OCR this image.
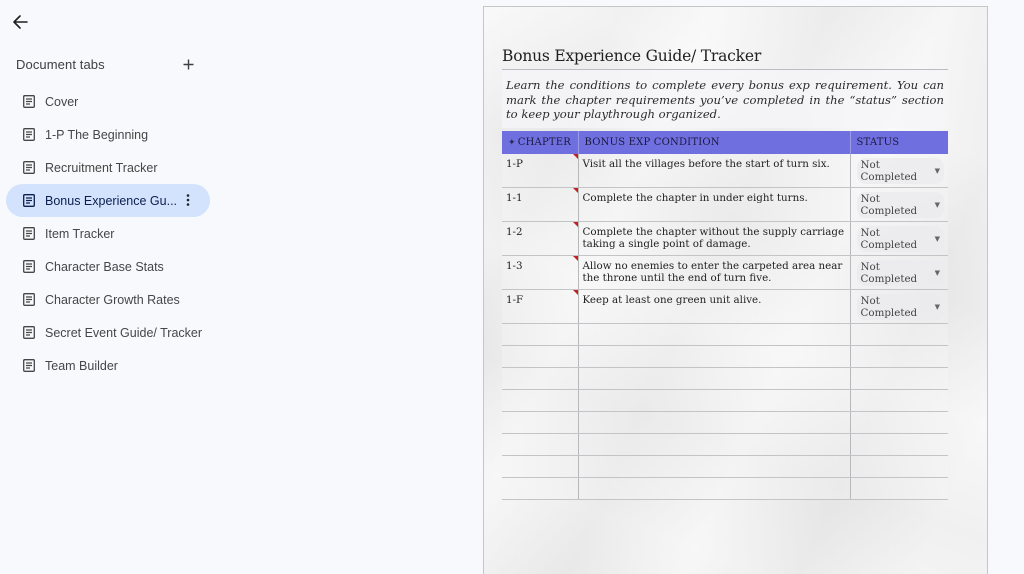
Document tabs
Cover
1-P The Beginning
Recruitment Tracker
Bonus Experience Gu...
Item Tracker
Character Base Stats
Character Growth Rates
Secret Event Guide/ Tracker
Team Builder
Bonus Experience Guide/ Tracker
Learn the conditions to complete every bonus exp requirement. You can mark the chapter requirements you’ve completed in the “status” section to keep your playthrough organized.
✦ CHAPTER	BONUS EXP CONDITION	STATUS
1-P	Visit all the villages before the start of turn six.	Not Completed ▼

1-1	Complete the chapter in under eight turns.	Not Completed ▼

1-2	Complete the chapter without the supply carriage taking a single point of damage.	Not Completed ▼

1-3	Allow no enemies to enter the carpeted area near the throne until the end of turn five.	Not Completed ▼

1-F	Keep at least one green unit alive.	Not Completed ▼
